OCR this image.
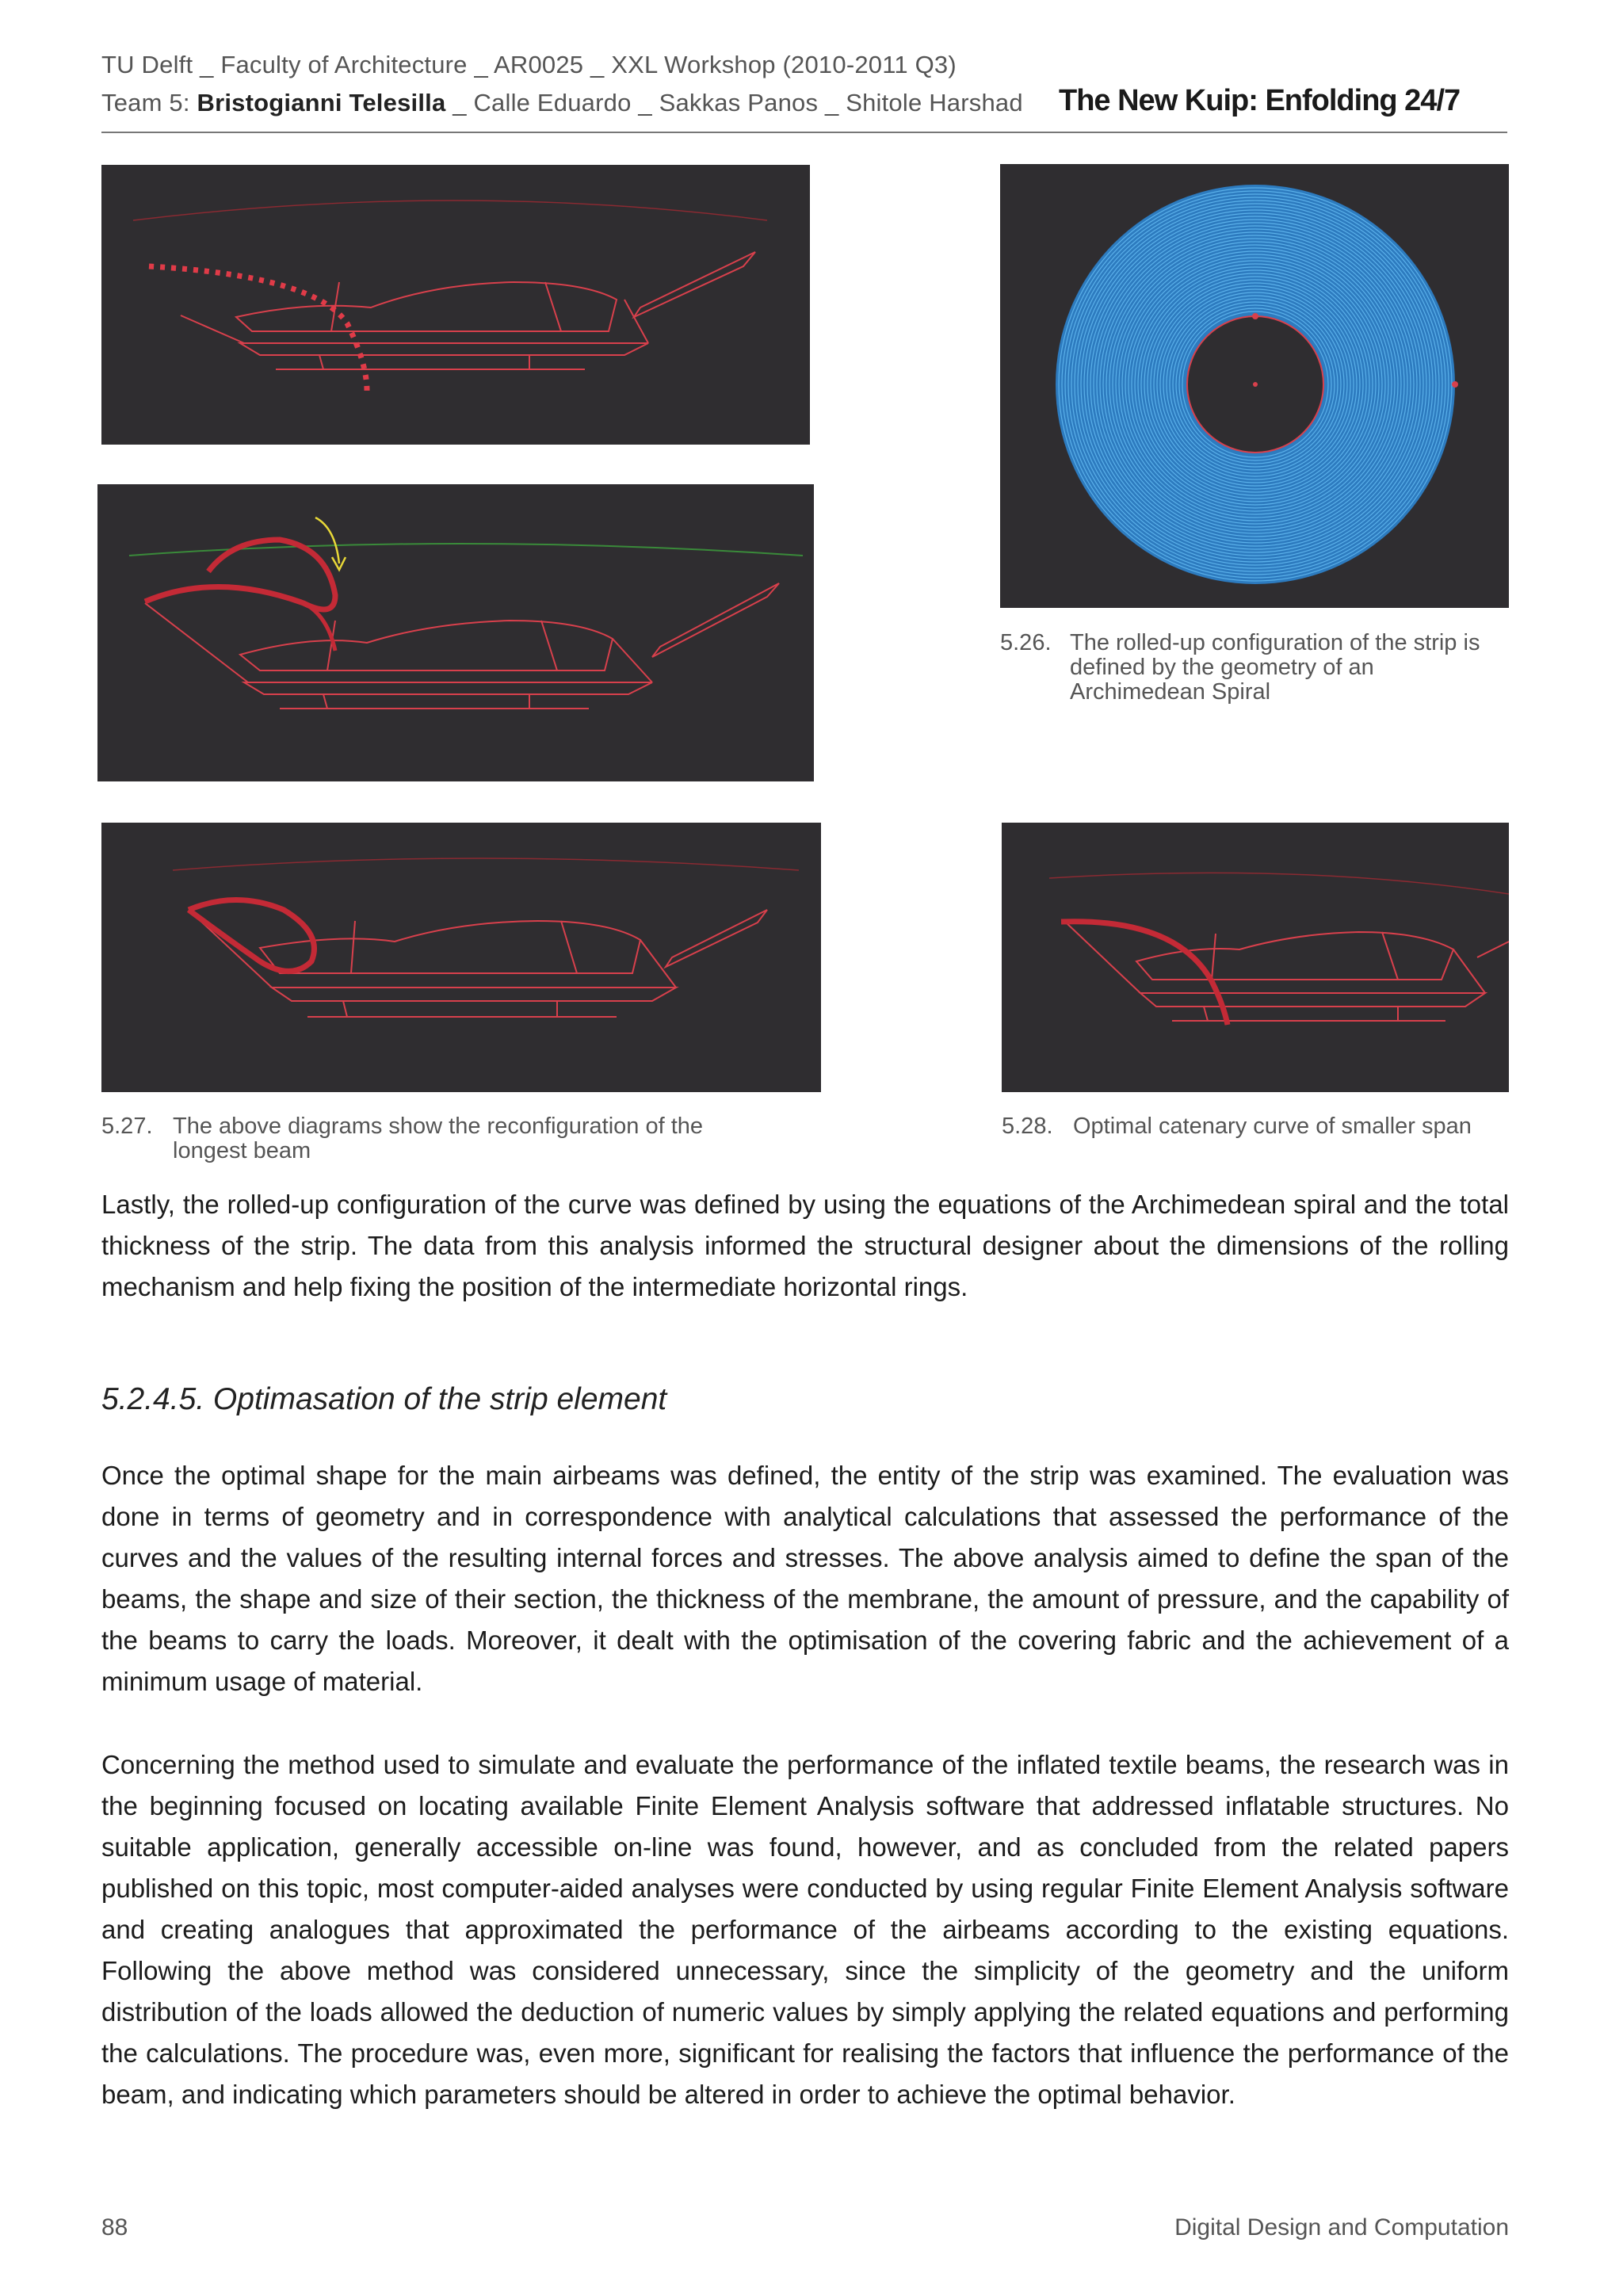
TU Delft _ Faculty of Architecture _ AR0025 _ XXL Workshop (2010-2011 Q3)
Team 5: Bristogianni Telesilla _ Calle Eduardo _ Sakkas Panos _ Shitole Harshad The New Kuip: Enfolding 24/7
5.26. The rolled-up configuration of the strip is defined by the geometry of an Archimedean Spiral
5.27. The above diagrams show the reconfiguration of the longest beam
5.28. Optimal catenary curve of smaller span
Lastly, the rolled-up configuration of the curve was defined by using the equations of the Archimedean spiral and the total thickness of the strip. The data from this analysis informed the structural designer about the dimensions of the rolling mechanism and help fixing the position of the intermediate horizontal rings.
5.2.4.5. Optimasation of the strip element
Once the optimal shape for the main airbeams was defined, the entity of the strip was examined. The evaluation was done in terms of geometry and in correspondence with analytical calculations that assessed the performance of the curves and the values of the resulting internal forces and stresses. The above analysis aimed to define the span of the beams, the shape and size of their section, the thickness of the membrane, the amount of pressure, and the capability of the beams to carry the loads. Moreover, it dealt with the optimisation of the covering fabric and the achievement of a minimum usage of material.
Concerning the method used to simulate and evaluate the performance of the inflated textile beams, the research was in the beginning focused on locating available Finite Element Analysis software that addressed inflatable structures. No suitable application, generally accessible on-line was found, however, and as concluded from the related papers published on this topic, most computer-aided analyses were conducted by using regular Finite Element Analysis software and creating analogues that approximated the performance of the airbeams according to the existing equations. Following the above method was considered unnecessary, since the simplicity of the geometry and the uniform distribution of the loads allowed the deduction of numeric values by simply applying the related equations and performing the calculations. The procedure was, even more, significant for realising the factors that influence the performance of the beam, and indicating which parameters should be altered in order to achieve the optimal behavior.
88	Digital Design and Computation
